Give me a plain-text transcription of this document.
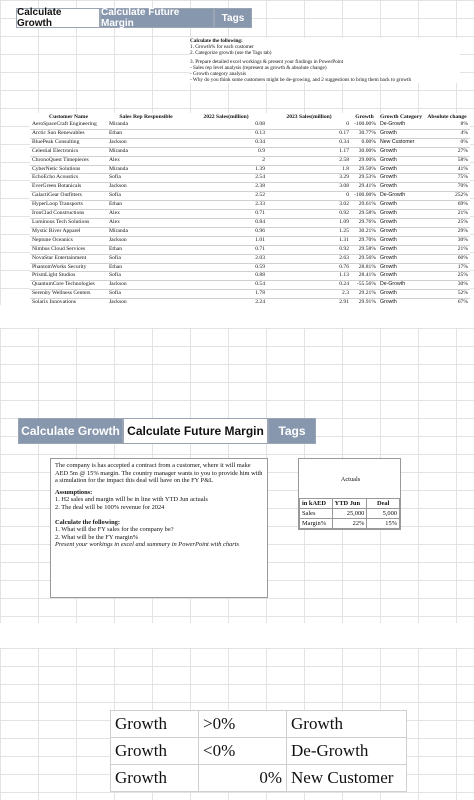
Calculate Growth
Calculate Future Margin	Tags
Calculate the following:
1. Growth% for each customer
2. Categorize growth (use the Tags tab)
3. Prepare detailed excel workings & present your findings in PowerPoint
- Sales rep level analysis (represent as growth & absolute change)
- Growth category analysis
- Why do you think some customers might be de-growing, and 2 suggestions to bring them back to growth
Customer Name	Sales Rep Responsible	2022 Sales(million)	2023 Sales(million)	Growth	Growth Category	Absolute change
AeroSpaceCraft Engineering	Miranda	0.08	0	-100.00%	De-Growth	8%
Arctic Sun Renewables	Ethan	0.13	0.17	30.77%	Growth	4%
BluePeak Consulting	Jackson	0.34	0.34	0.00%	New Customer	0%
Celestial Electronics	Miranda	0.9	1.17	30.00%	Growth	27%
ChronoQuest Timepieces	Alex	2	2.58	29.00%	Growth	58%
CyberNetic Solutions	Miranda	1.39	1.8	29.50%	Growth	41%
EchoEcho Acoustics	Sofia	2.54	3.29	29.53%	Growth	75%
EverGreen Botanicals	Jackson	2.38	3.08	29.41%	Growth	70%
GalactiGear Outfitters	Sofia	2.52	0	-100.00%	De-Growth	252%
HyperLoop Transports	Ethan	2.33	3.02	29.61%	Growth	69%
IronClad Constructions	Alex	0.71	0.92	29.58%	Growth	21%
Luminous Tech Solutions	Alex	0.84	1.09	29.76%	Growth	25%
Mystic River Apparel	Miranda	0.96	1.25	30.21%	Growth	29%
Neptune Oceanics	Jackson	1.01	1.31	29.70%	Growth	30%
Nimbus Cloud Services	Ethan	0.71	0.92	29.58%	Growth	21%
NovaStar Entertainment	Sofia	2.03	2.63	29.56%	Growth	60%
PhantomWorks Security	Ethan	0.59	0.76	28.81%	Growth	17%
PrismLight Studios	Sofia	0.88	1.13	28.41%	Growth	25%
QuantumCore Technologies	Jackson	0.54	0.24	-55.56%	De-Growth	30%
Serenity Wellness Centers	Sofia	1.78	2.3	29.21%	Growth	52%
Solarix Innovations	Jackson	2.24	2.91	29.91%	Growth	67%

Calculate Growth Calculate Future Margin	Tags
The company is has accepted a contract from a customer, where it will make AED 5m @ 15% margin. The country manager wants to you to provide him with a simulation for the impact this deal will have on the FY P&L
Assumptions:
1. H2 sales and margin will be in line with YTD Jun actuals
2. The deal will be 100% revenue for 2024
Calculate the following:
1. What will the FY sales for the company be?
2. What will be the FY margin%
Present your workings in excel and summary in PowerPoint with charts
Actuals
in kAED	YTD Jun	Deal
Sales	25,000	5,000
Margin%	22%	15%
Growth	>0%	Growth
Growth	<0%	De-Growth
Growth	0%	New Customer
